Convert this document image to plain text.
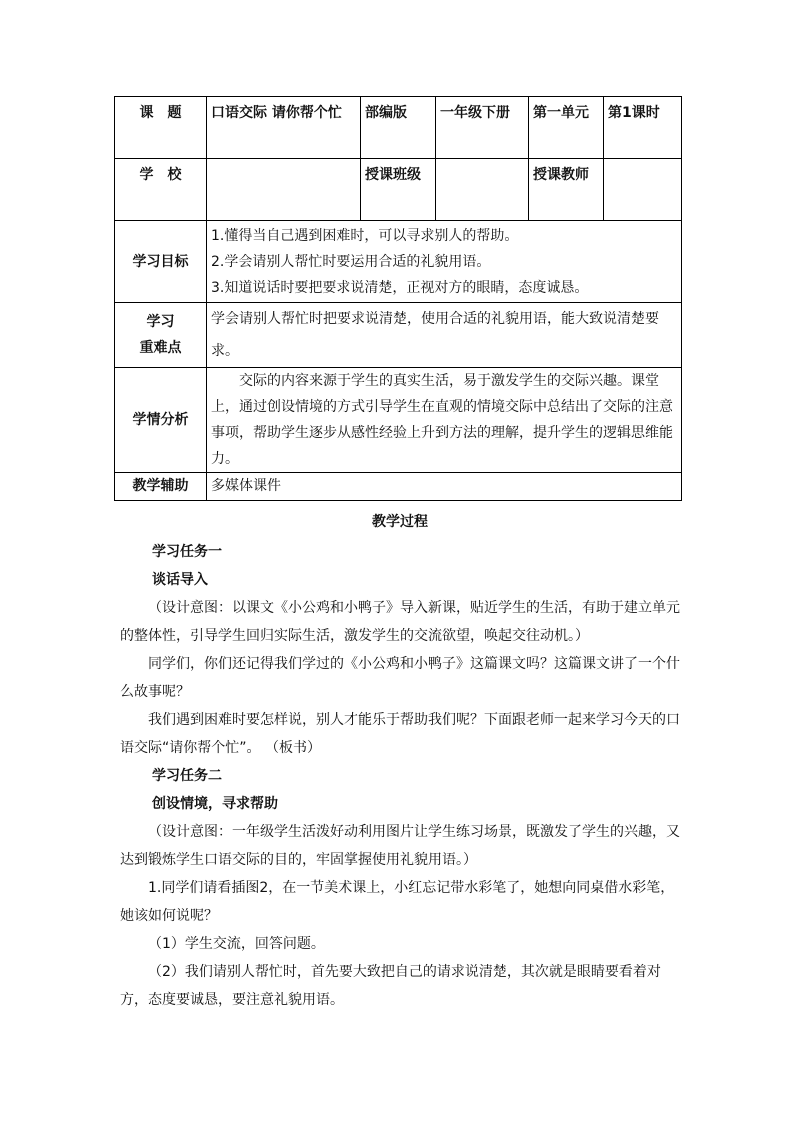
课　题	口语交际 请你帮个忙	部编版	一年级下册	第一单元	第1课时
学　校		授课班级		授课教师	
学习目标	1.懂得当自己遇到困难时，可以寻求别人的帮助。
2.学会请别人帮忙时要运用合适的礼貌用语。
3.知道说话时要把要求说清楚，正视对方的眼睛，态度诚恳。				

学习
重难点	学会请别人帮忙时把要求说清楚，使用合适的礼貌用语，能大致说清楚要求。				
学情分析	交际的内容来源于学生的真实生活，易于激发学生的交际兴趣。课堂上，通过创设情境的方式引导学生在直观的情境交际中总结出了交际的注意事项，帮助学生逐步从感性经验上升到方法的理解，提升学生的逻辑思维能力。				
教学辅助	多媒体课件				

教学过程

学习任务一

谈话导入

（设计意图：以课文《小公鸡和小鸭子》导入新课，贴近学生的生活，有助于建立单元的整体性，引导学生回归实际生活，激发学生的交流欲望，唤起交往动机。）

同学们，你们还记得我们学过的《小公鸡和小鸭子》这篇课文吗？这篇课文讲了一个什么故事呢？

我们遇到困难时要怎样说，别人才能乐于帮助我们呢？下面跟老师一起来学习今天的口语交际“请你帮个忙”。 （板书）

学习任务二

创设情境，寻求帮助

（设计意图：一年级学生活泼好动利用图片让学生练习场景，既激发了学生的兴趣，又达到锻炼学生口语交际的目的，牢固掌握使用礼貌用语。）

1.同学们请看插图2，在一节美术课上，小红忘记带水彩笔了，她想向同桌借水彩笔，她该如何说呢？

（1）学生交流，回答问题。

（2）我们请别人帮忙时，首先要大致把自己的请求说清楚，其次就是眼睛要看着对方，态度要诚恳，要注意礼貌用语。
